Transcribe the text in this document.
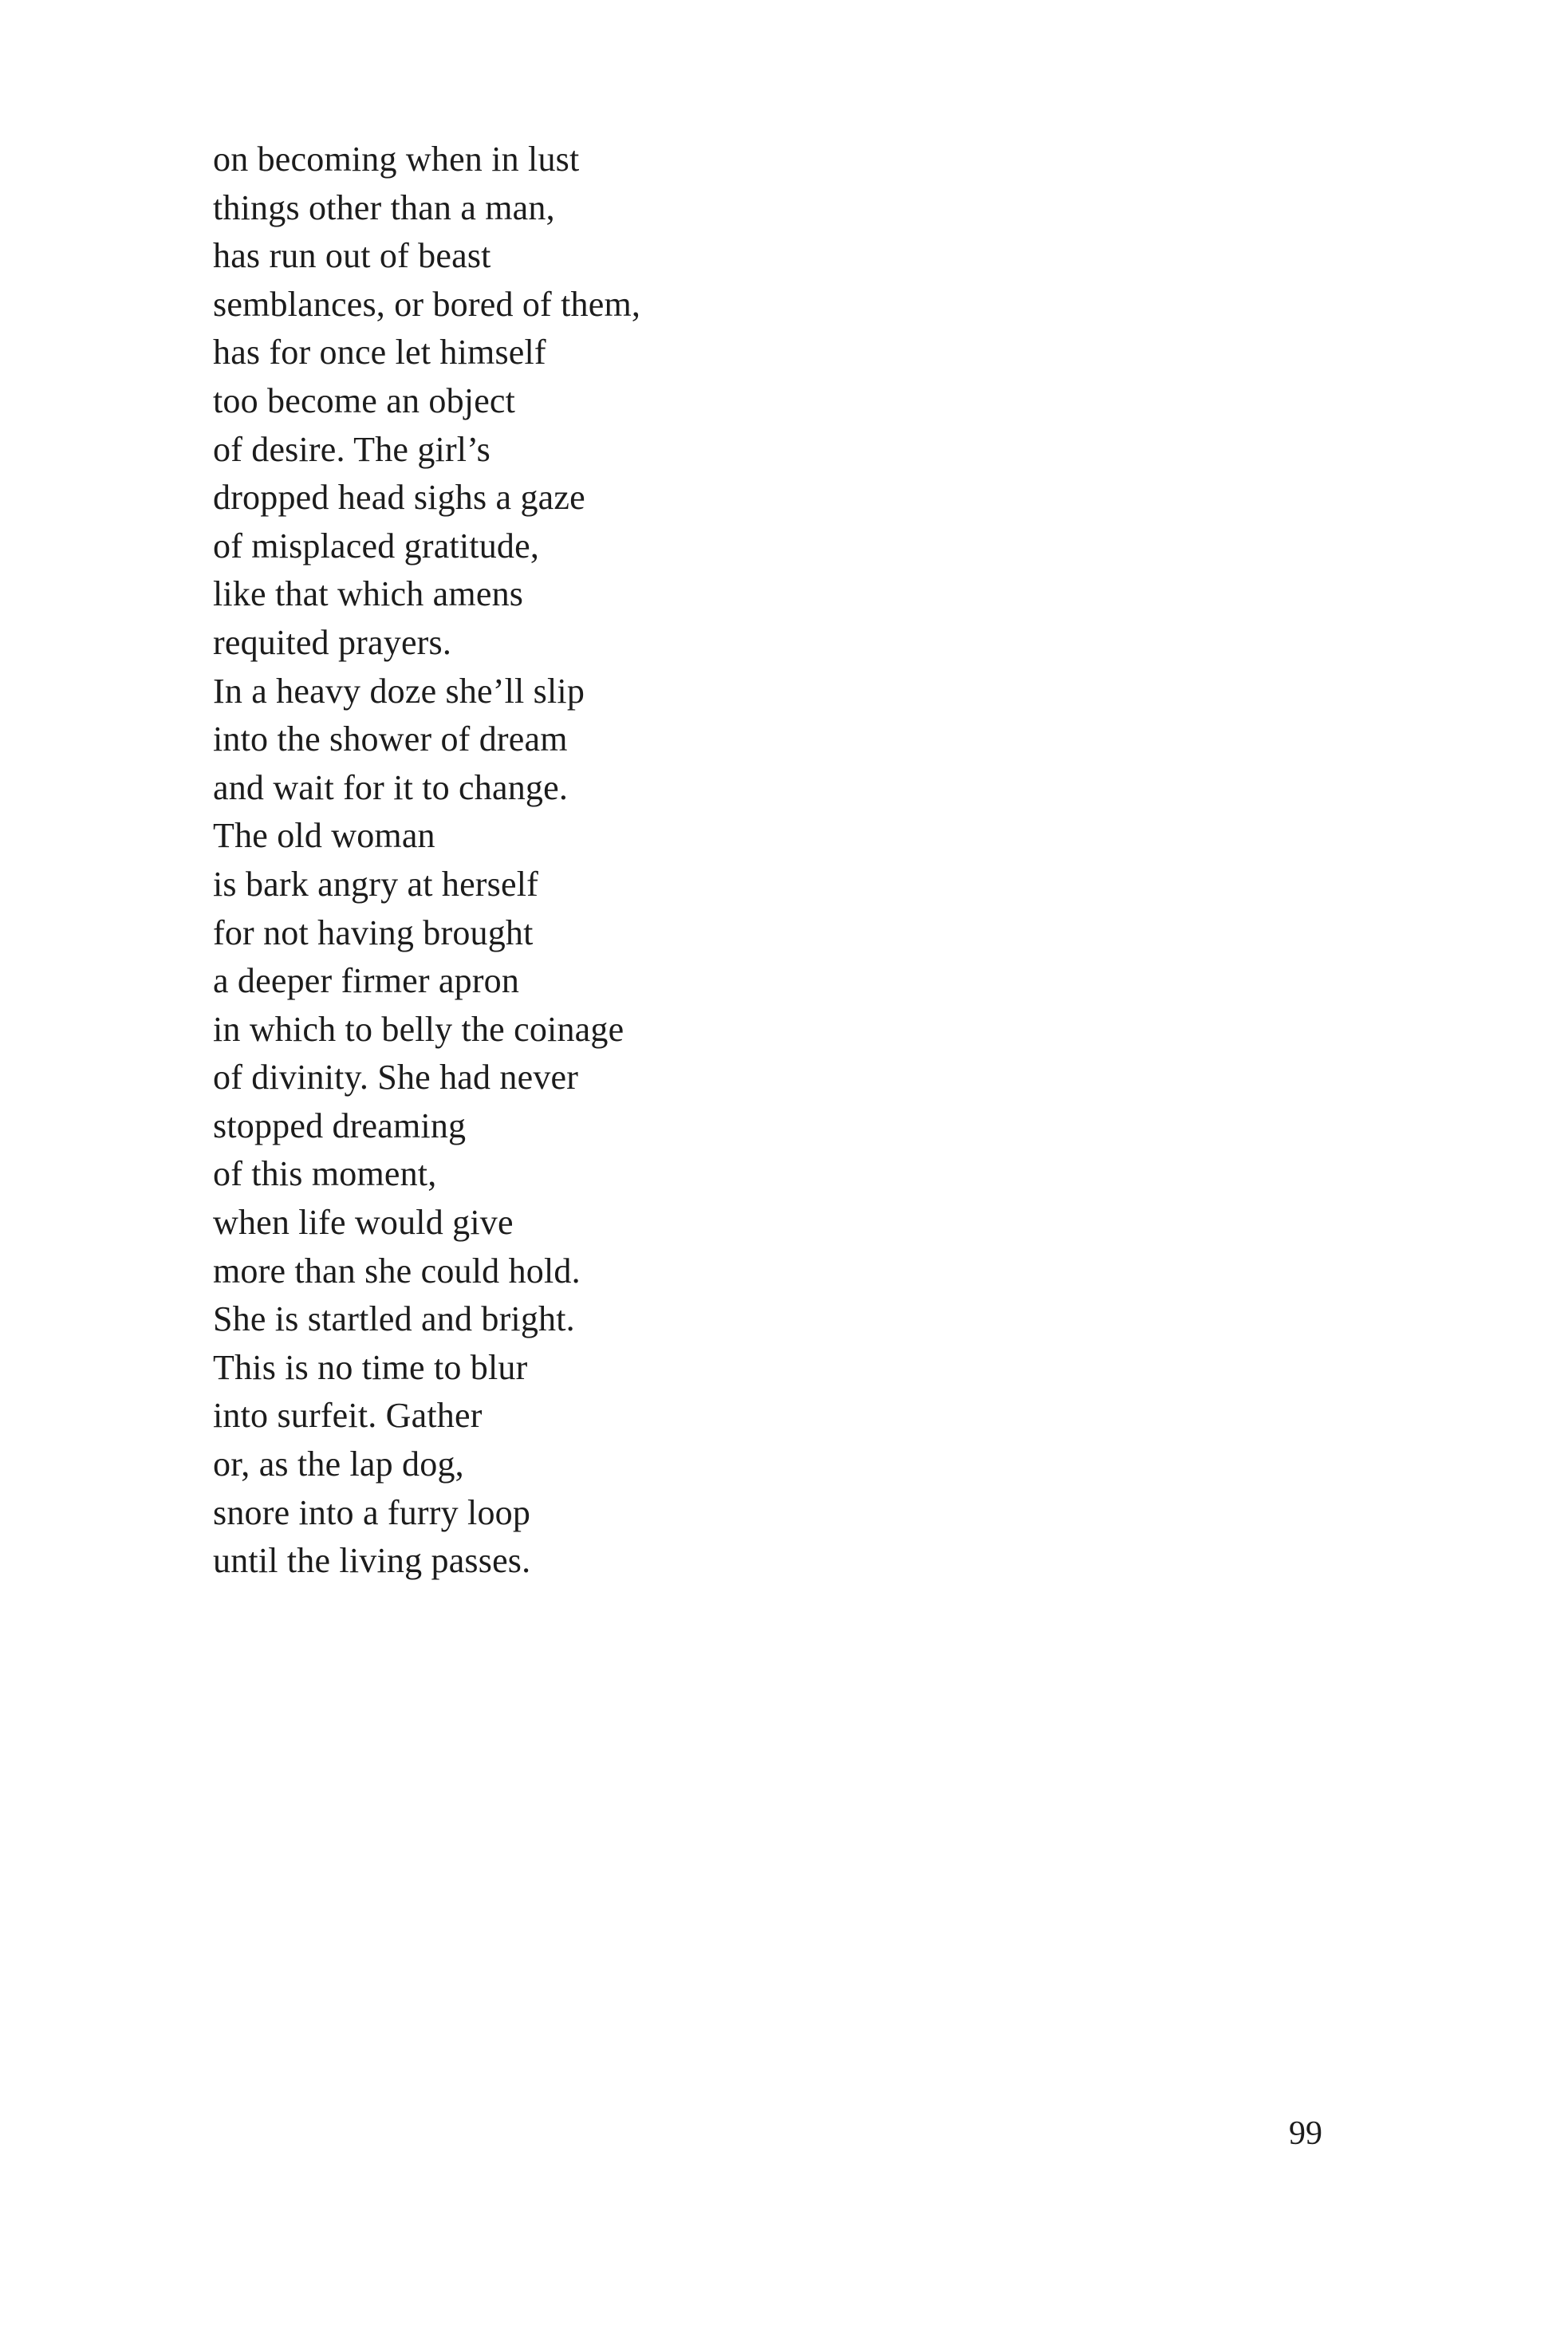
on becoming when in lust
things other than a man,
has run out of beast
semblances, or bored of them,
has for once let himself
too become an object
of desire. The girl’s
dropped head sighs a gaze
of misplaced gratitude,
like that which amens
requited prayers.
In a heavy doze she’ll slip
into the shower of dream
and wait for it to change.
The old woman
is bark angry at herself
for not having brought
a deeper firmer apron
in which to belly the coinage
of divinity. She had never
stopped dreaming
of this moment,
when life would give
more than she could hold.
She is startled and bright.
This is no time to blur
into surfeit. Gather
or, as the lap dog,
snore into a furry loop
until the living passes.
99
